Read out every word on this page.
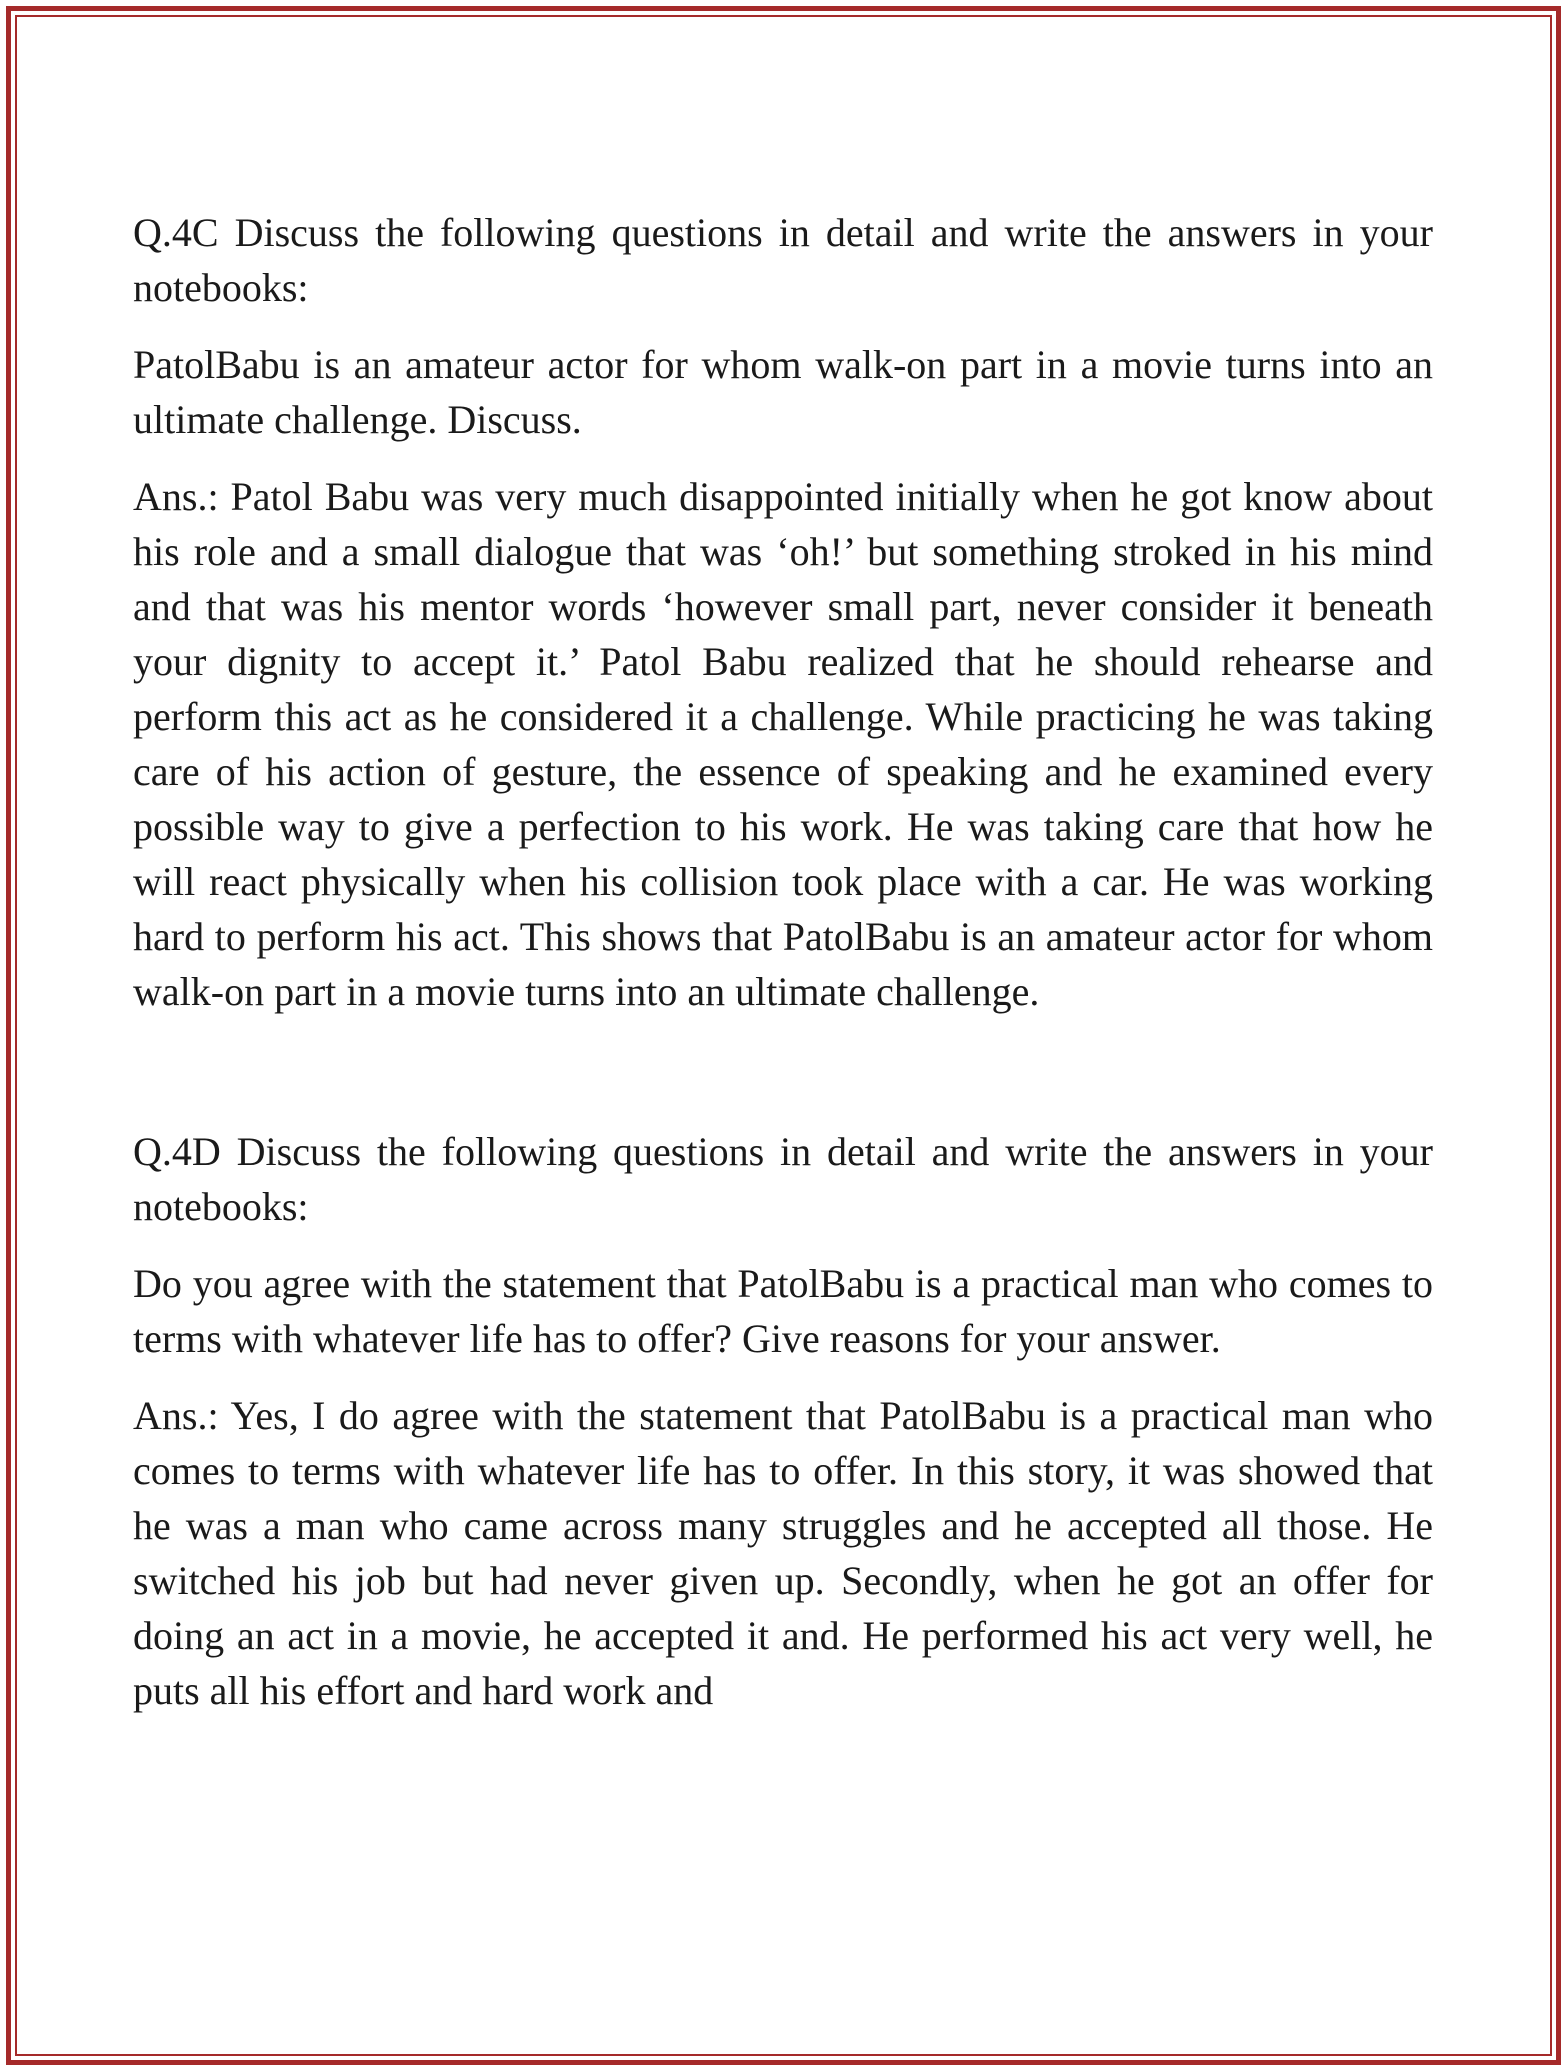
Q.4C Discuss the following questions in detail and write the answers in your notebooks:

PatolBabu is an amateur actor for whom walk-on part in a movie turns into an ultimate challenge. Discuss.

Ans.: Patol Babu was very much disappointed initially when he got know about his role and a small dialogue that was ‘oh!’ but something stroked in his mind and that was his mentor words ‘however small part, never consider it beneath your dignity to accept it.’ Patol Babu realized that he should rehearse and perform this act as he considered it a challenge. While practicing he was taking care of his action of gesture, the essence of speaking and he examined every possible way to give a perfection to his work. He was taking care that how he will react physically when his collision took place with a car. He was working hard to perform his act. This shows that PatolBabu is an amateur actor for whom walk-on part in a movie turns into an ultimate challenge.

Q.4D Discuss the following questions in detail and write the answers in your notebooks:

Do you agree with the statement that PatolBabu is a practical man who comes to terms with whatever life has to offer? Give reasons for your answer.

Ans.: Yes, I do agree with the statement that PatolBabu is a practical man who comes to terms with whatever life has to offer. In this story, it was showed that he was a man who came across many struggles and he accepted all those. He switched his job but had never given up. Secondly, when he got an offer for doing an act in a movie, he accepted it and. He performed his act very well, he puts all his effort and hard work and
